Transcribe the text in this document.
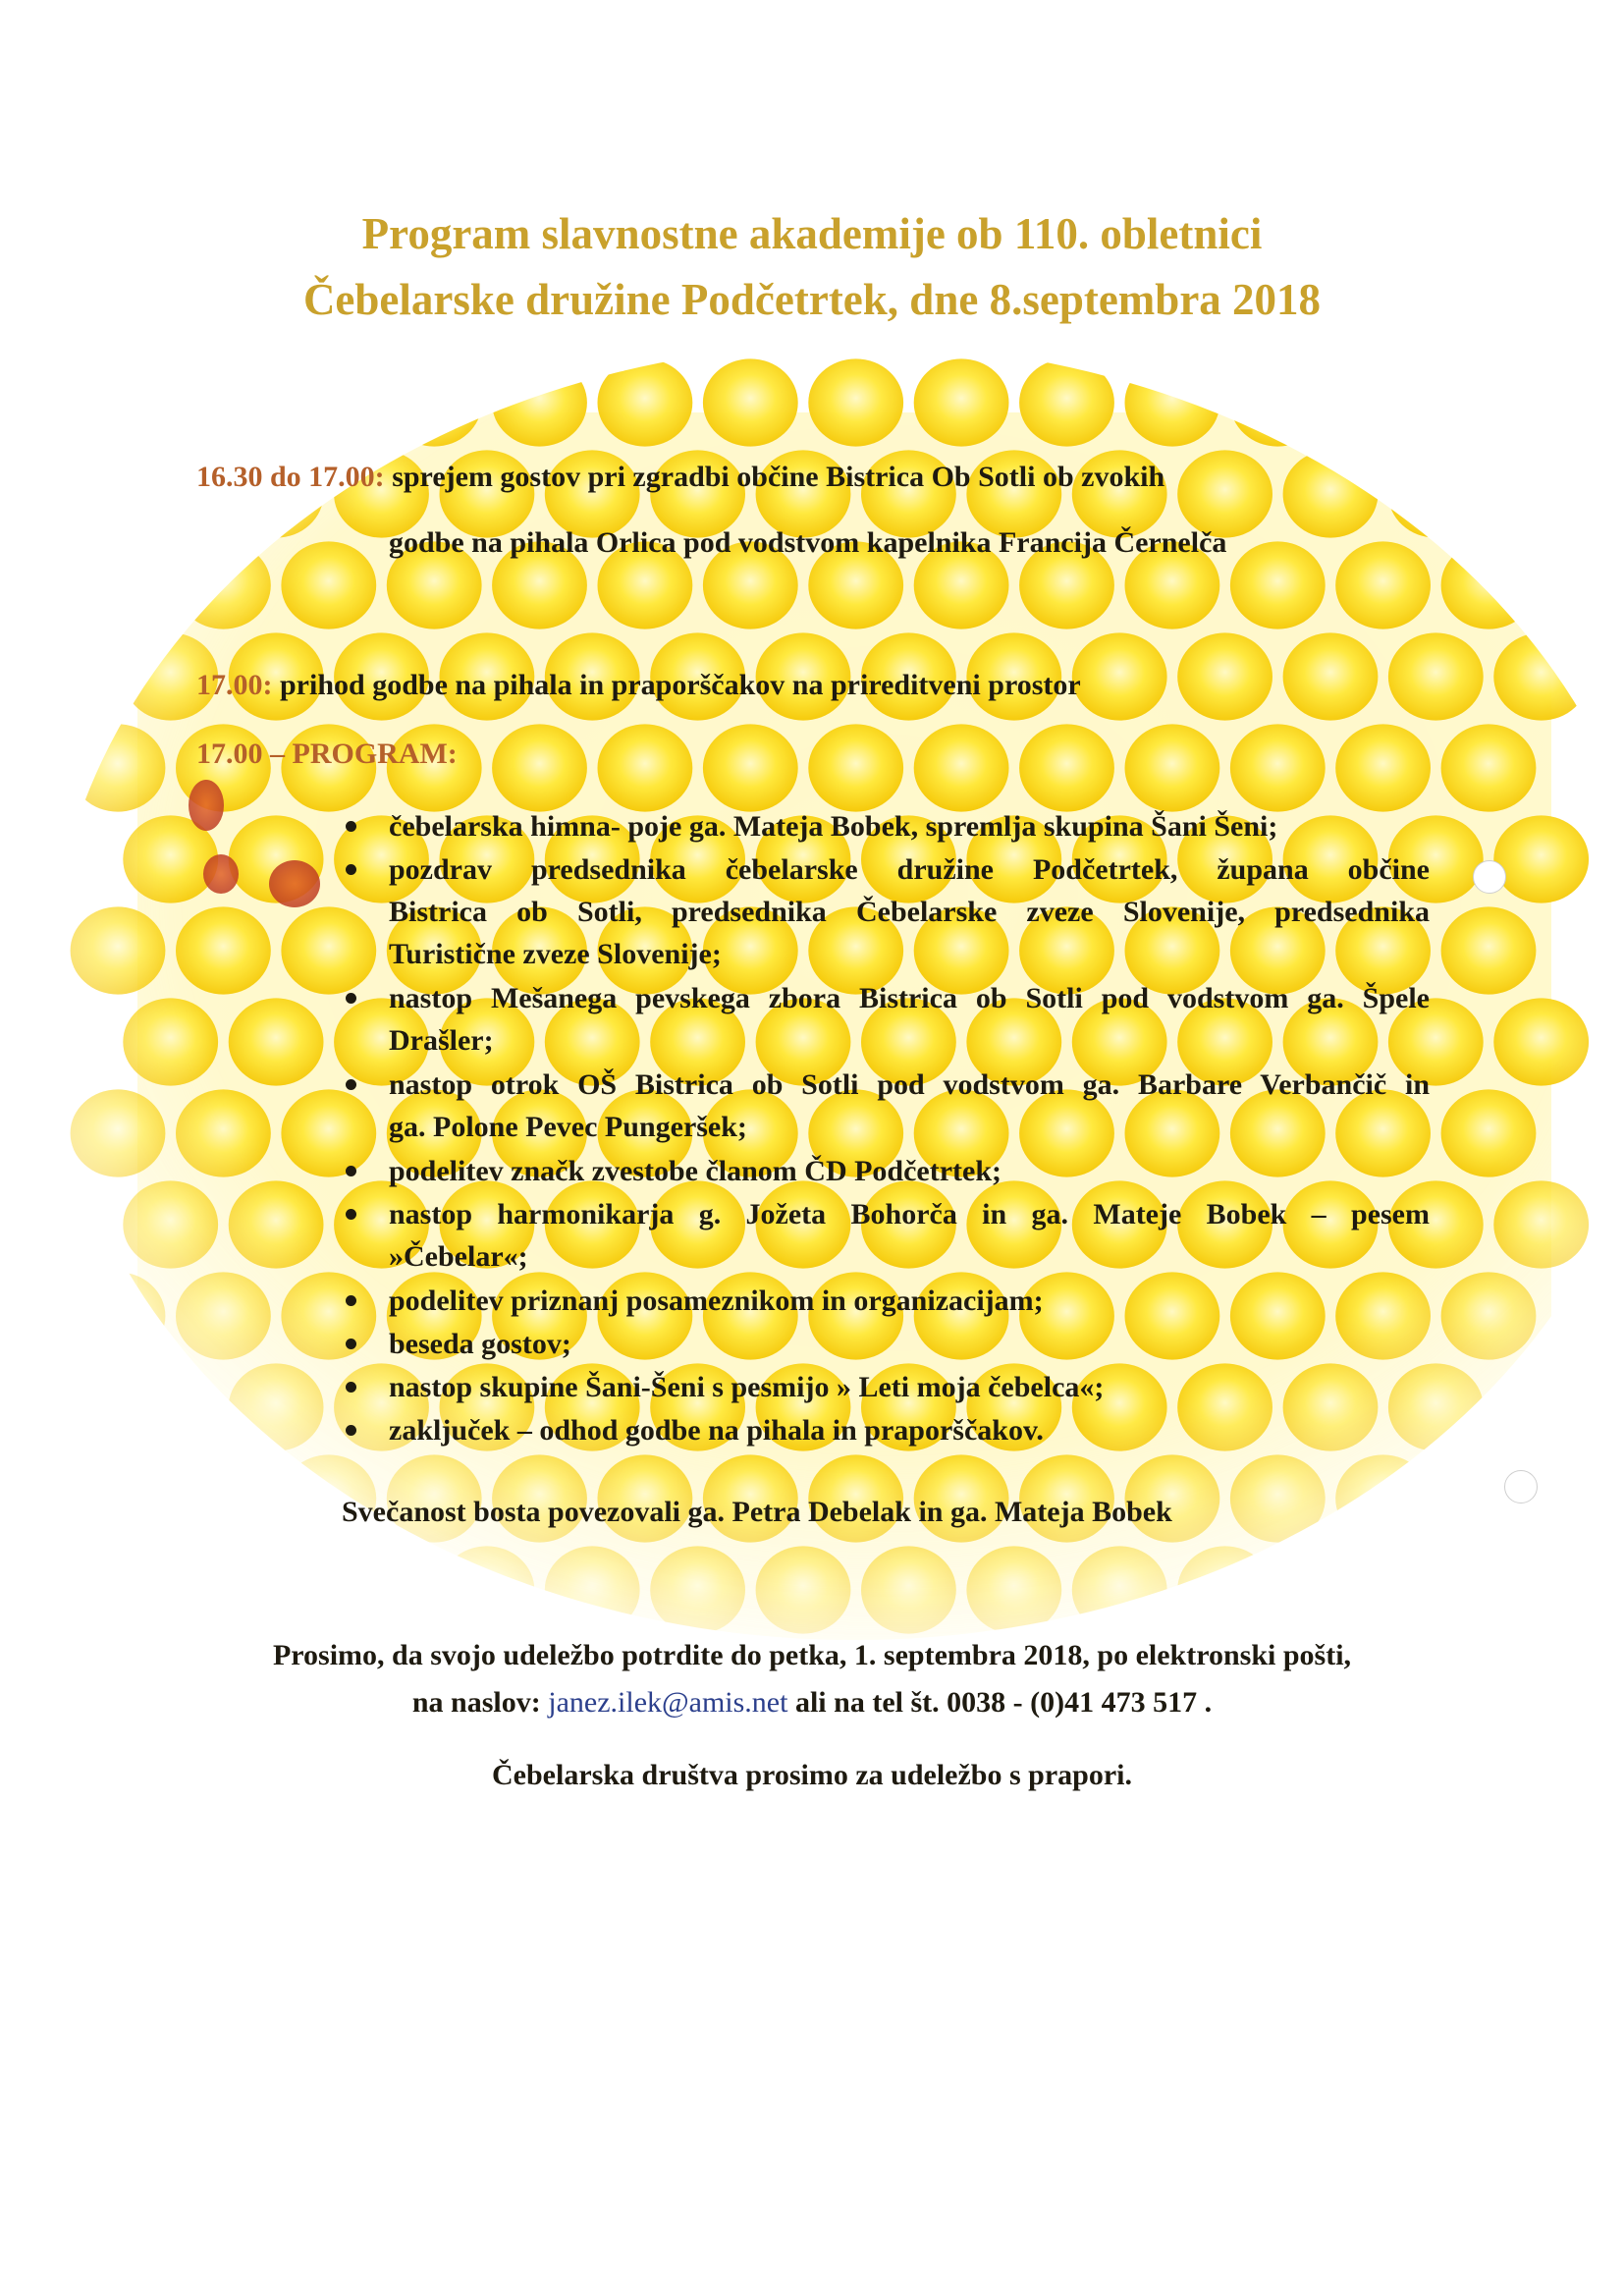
Program slavnostne akademije ob 110. obletnici
Čebelarske družine Podčetrtek, dne 8.septembra 2018
16.30 do 17.00: sprejem gostov pri zgradbi občine Bistrica Ob Sotli ob zvokih
godbe na pihala Orlica pod vodstvom kapelnika Francija Černelča
17.00: prihod godbe na pihala in praporščakov na prireditveni prostor
17.00 – PROGRAM:
čebelarska himna- poje ga. Mateja Bobek, spremlja skupina Šani Šeni;
pozdrav predsednika čebelarske družine Podčetrtek, župana občine
Bistrica ob Sotli, predsednika Čebelarske zveze Slovenije, predsednika
Turistične zveze Slovenije;
nastop Mešanega pevskega zbora Bistrica ob Sotli pod vodstvom ga. Špele
Drašler;
nastop otrok OŠ Bistrica ob Sotli pod vodstvom ga. Barbare Verbančič in
ga. Polone Pevec Pungeršek;
podelitev značk zvestobe članom ČD Podčetrtek;
nastop harmonikarja g. Jožeta Bohorča in ga. Mateje Bobek – pesem
»Čebelar«;
podelitev priznanj posameznikom in organizacijam;
beseda gostov;
nastop skupine Šani-Šeni s pesmijo » Leti moja čebelca«;
zaključek – odhod godbe na pihala in praporščakov.
Svečanost bosta povezovali ga. Petra Debelak in ga. Mateja Bobek
Prosimo, da svojo udeležbo potrdite do petka, 1. septembra 2018, po elektronski pošti,
na naslov: janez.ilek@amis.net ali na tel št. 0038 - (0)41 473 517 .
Čebelarska društva prosimo za udeležbo s prapori.
